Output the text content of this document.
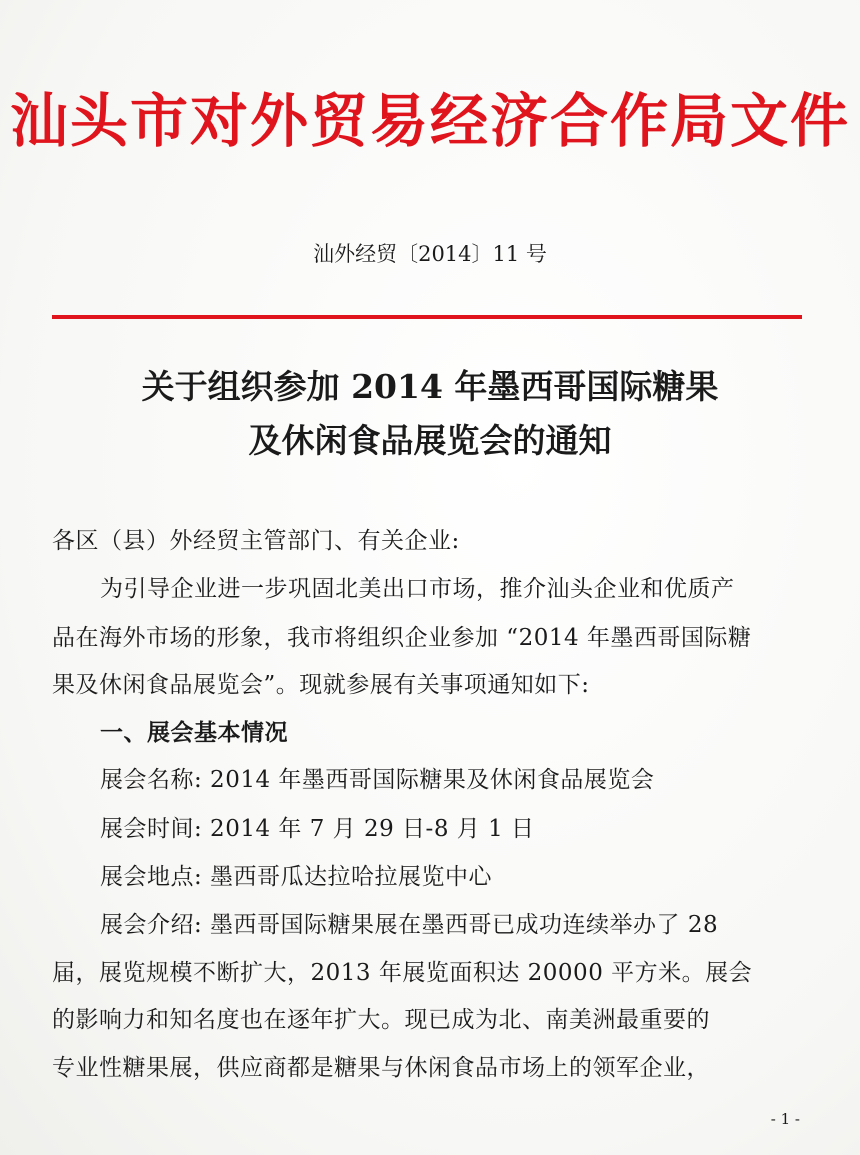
汕头市对外贸易经济合作局文件
汕外经贸〔2014〕11 号
关于组织参加 2014 年墨西哥国际糖果
及休闲食品展览会的通知
各区（县）外经贸主管部门、有关企业:
为引导企业进一步巩固北美出口市场，推介汕头企业和优质产
品在海外市场的形象，我市将组织企业参加 “2014 年墨西哥国际糖
果及休闲食品展览会”。现就参展有关事项通知如下:
一、展会基本情况
展会名称: 2014 年墨西哥国际糖果及休闲食品展览会
展会时间: 2014 年 7 月 29 日-8 月 1 日
展会地点: 墨西哥瓜达拉哈拉展览中心
展会介绍: 墨西哥国际糖果展在墨西哥已成功连续举办了 28
届，展览规模不断扩大，2013 年展览面积达 20000 平方米。展会
的影响力和知名度也在逐年扩大。现已成为北、南美洲最重要的
专业性糖果展，供应商都是糖果与休闲食品市场上的领军企业，
- 1 -
